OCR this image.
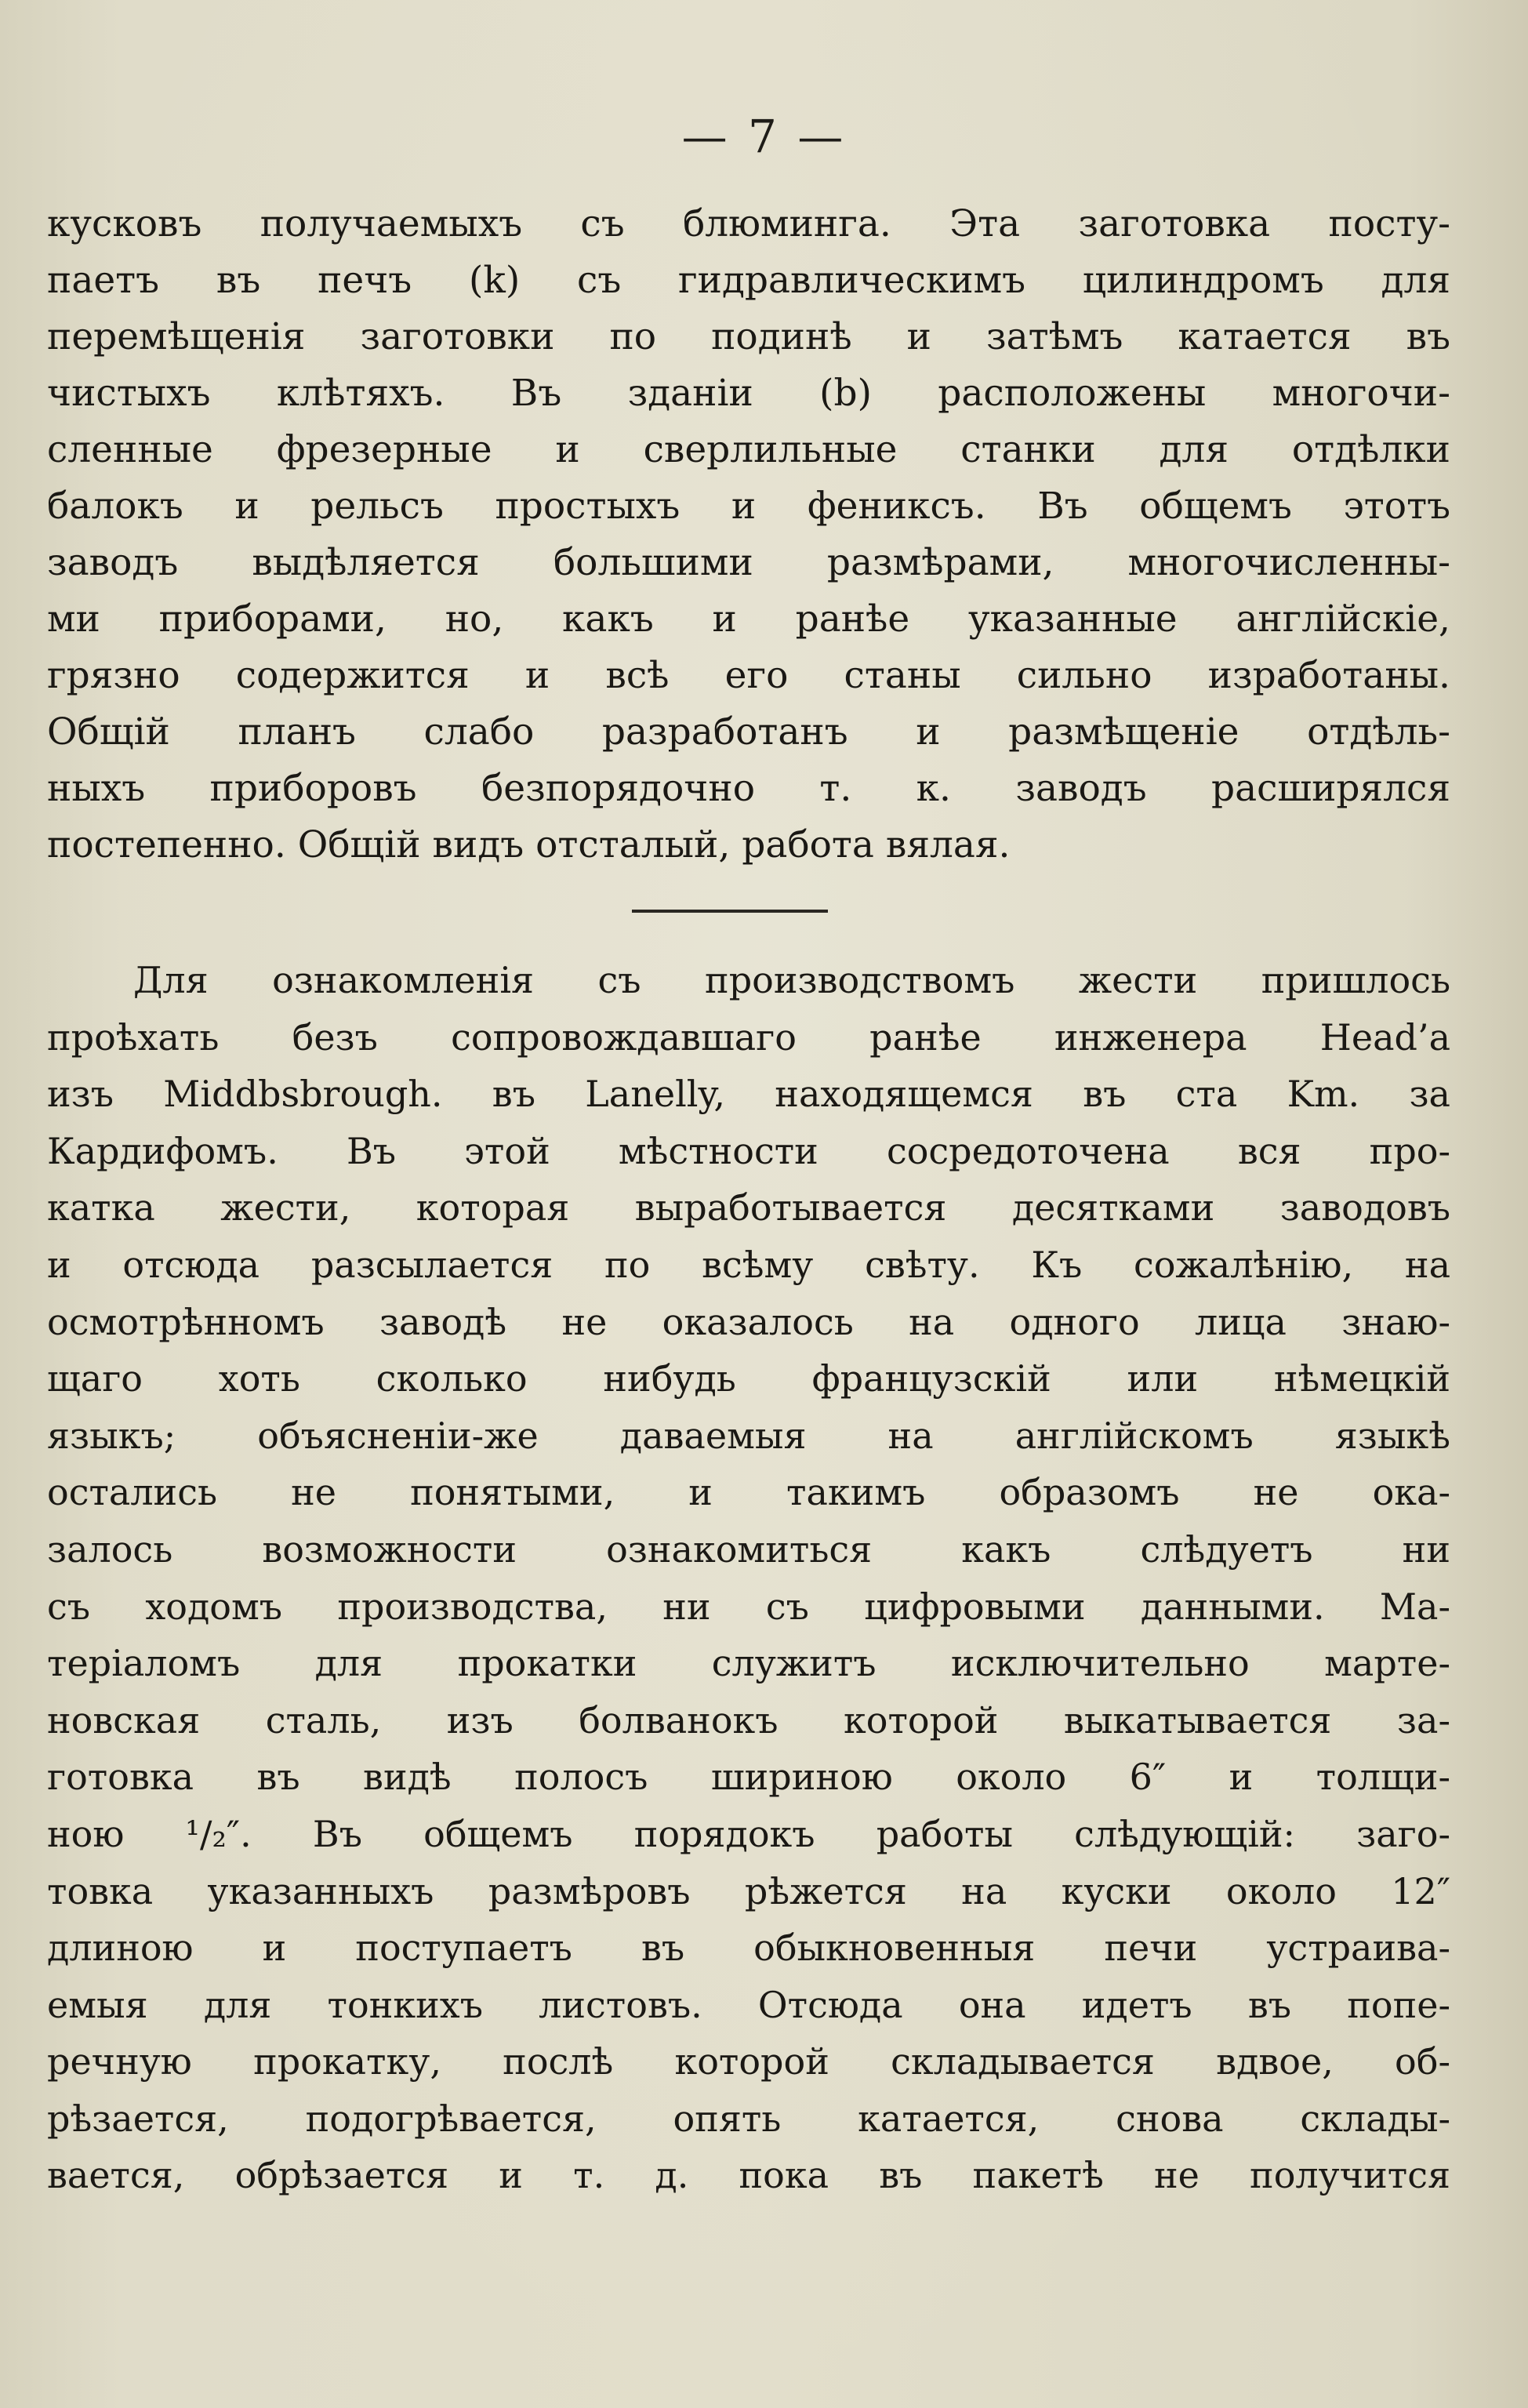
— 7 —
кусковъ получаемыхъ съ блюминга. Эта заготовка посту-
паетъ въ печъ (k) съ гидравлическимъ цилиндромъ для
перемѣщенія заготовки по подинѣ и затѣмъ катается въ
чистыхъ клѣтяхъ. Въ зданіи (b) расположены многочи-
сленные фрезерные и сверлильные станки для отдѣлки
балокъ и рельсъ простыхъ и фениксъ. Въ общемъ этотъ
заводъ выдѣляется большими размѣрами, многочисленны-
ми приборами, но, какъ и ранѣе указанные англійскіе,
грязно содержится и всѣ его станы сильно изработаны.
Общій планъ слабо разработанъ и размѣщеніе отдѣль-
ныхъ приборовъ безпорядочно т. к. заводъ расширялся
постепенно. Общій видъ отсталый, работа вялая.
Для ознакомленія съ производствомъ жести пришлось
проѣхать безъ сопровождавшаго ранѣе инженера Head’a
изъ Middbsbrough. въ Lanelly, находящемся въ ста Km. за
Кардифомъ. Въ этой мѣстности сосредоточена вся про-
катка жести, которая выработывается десятками заводовъ
и отсюда разсылается по всѣму свѣту. Къ сожалѣнію, на
осмотрѣнномъ заводѣ не оказалось на одного лица знаю-
щаго хоть сколько нибудь французскій или нѣмецкій
языкъ; объясненіи-же даваемыя на англійскомъ языкѣ
остались не понятыми, и такимъ образомъ не ока-
залось возможности ознакомиться какъ слѣдуетъ ни
съ ходомъ производства, ни съ цифровыми данными. Ма-
теріаломъ для прокатки служитъ исключительно марте-
новская сталь, изъ болванокъ которой выкатывается за-
готовка въ видѣ полосъ шириною около 6″ и толщи-
ною ¹/₂″. Въ общемъ порядокъ работы слѣдующій: заго-
товка указанныхъ размѣровъ рѣжется на куски около 12″
длиною и поступаетъ въ обыкновенныя печи устраива-
емыя для тонкихъ листовъ. Отсюда она идетъ въ попе-
речную прокатку, послѣ которой складывается вдвое, об-
рѣзается, подогрѣвается, опять катается, снова склады-
вается, обрѣзается и т. д. пока въ пакетѣ не получится
